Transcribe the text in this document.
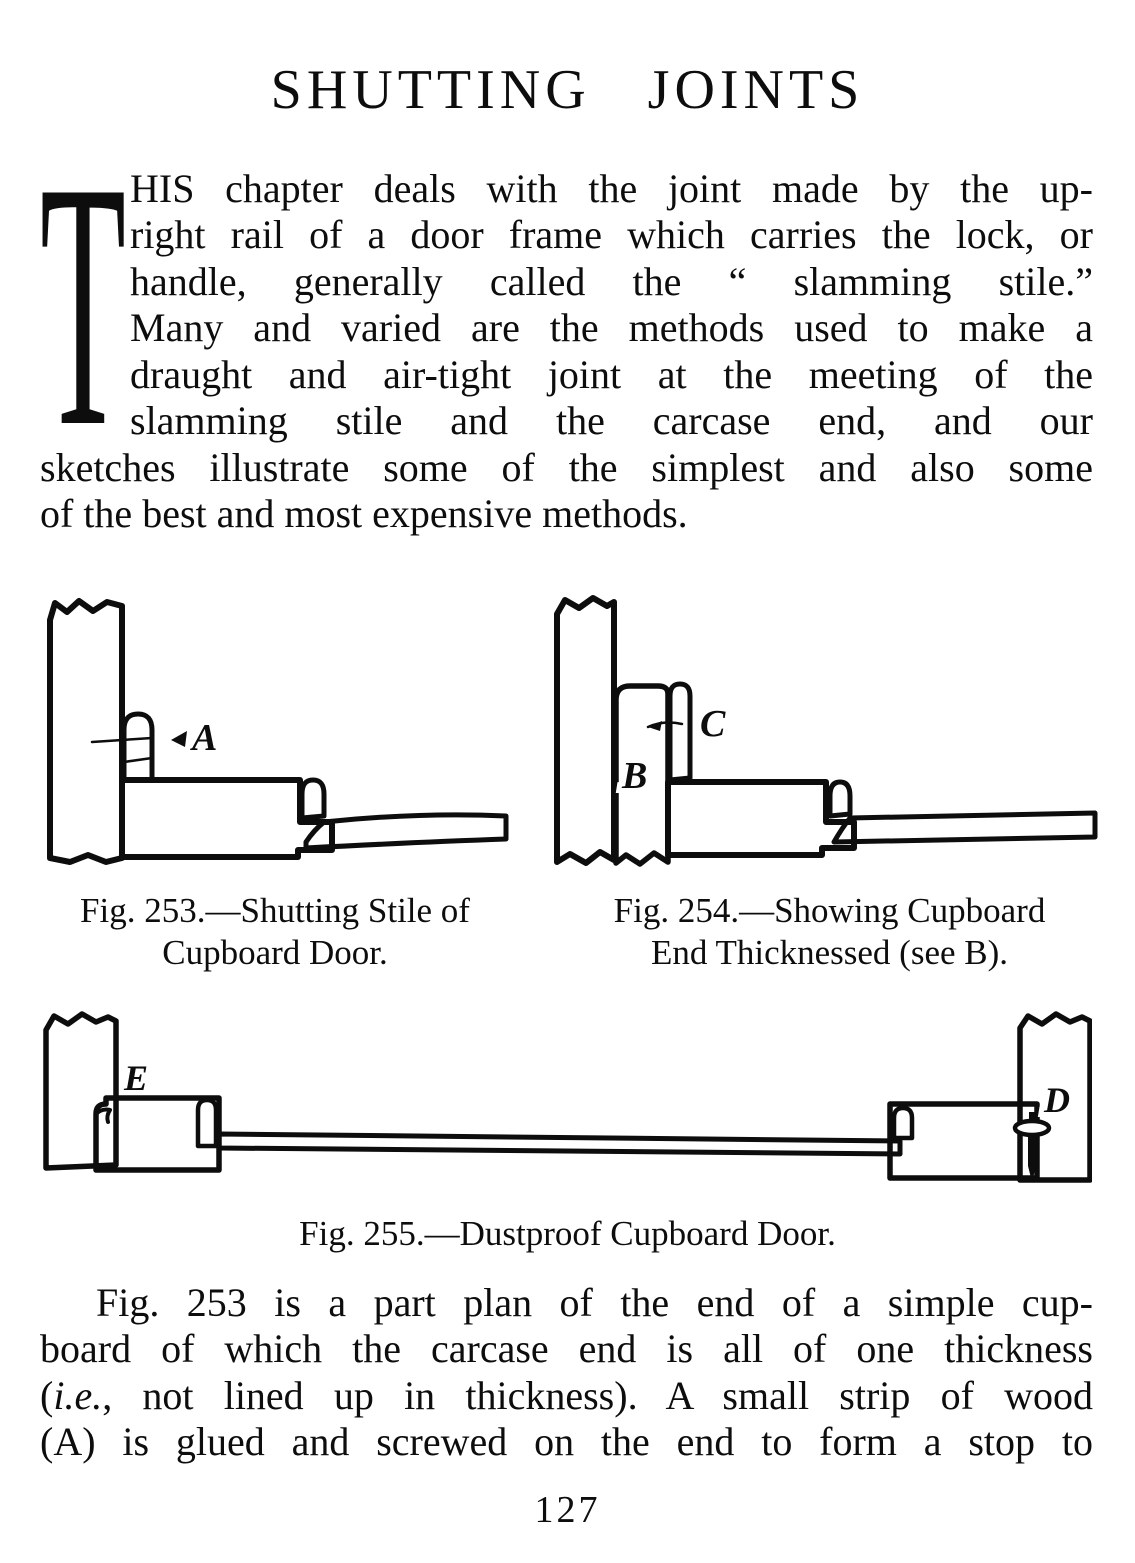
SHUTTING JOINTS
T HIS chapter deals with the joint made by the up-
right rail of a door frame which carries the lock, or
handle, generally called the “ slamming stile.”
Many and varied are the methods used to make a
draught and air-tight joint at the meeting of the
slamming stile and the carcase end, and our
sketches illustrate some of the simplest and also some
of the best and most expensive methods.
A
B
C
Fig. 253.—Shutting Stile of
Cupboard Door.
Fig. 254.—Showing Cupboard
End Thicknessed (see B).
E
D
Fig. 255.—Dustproof Cupboard Door.
Fig. 253 is a part plan of the end of a simple cup-
board of which the carcase end is all of one thickness
(i.e., not lined up in thickness). A small strip of wood
(A) is glued and screwed on the end to form a stop to
127
